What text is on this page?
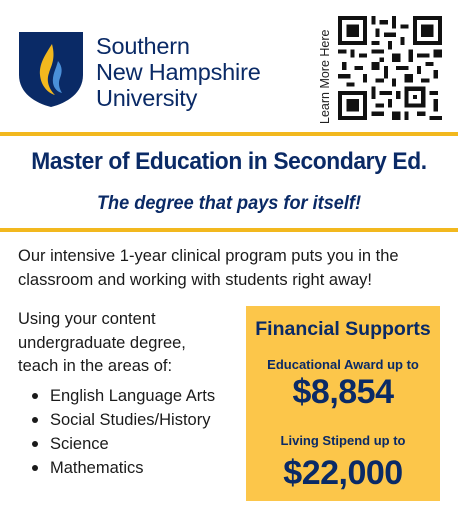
Southern
New Hampshire
University	Learn More Here
Master of Education in Secondary Ed.
The degree that pays for itself!
Our intensive 1-year clinical program puts you in the classroom and working with students right away!
Using your content
undergraduate degree,
teach in the areas of:
English Language Arts
Social Studies/History
Science
Mathematics
Financial Supports
Educational Award up to
$8,854
Living Stipend up to
$22,000
